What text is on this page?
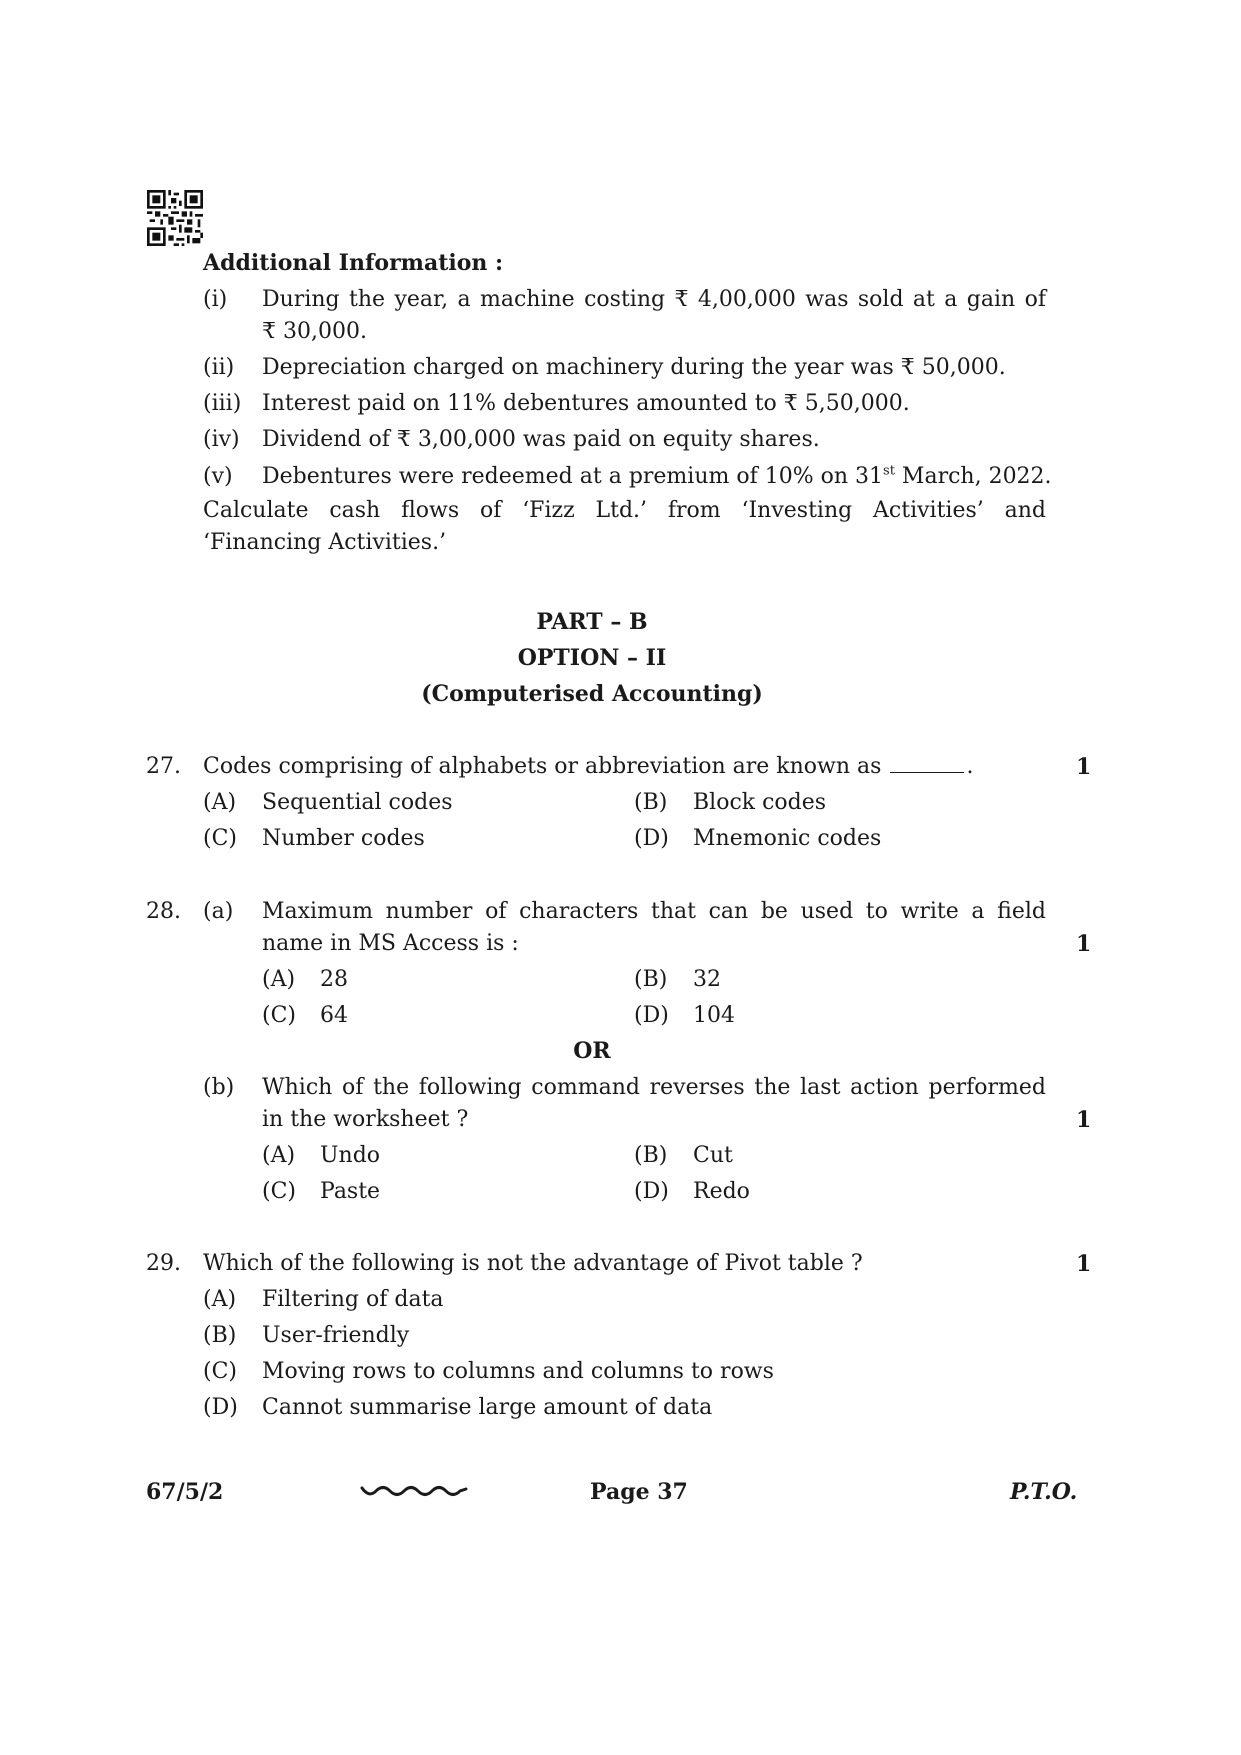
Additional Information :
(i) During the year, a machine costing ₹ 4,00,000 was sold at a gain of
₹ 30,000.
(ii) Depreciation charged on machinery during the year was ₹ 50,000.
(iii) Interest paid on 11% debentures amounted to ₹ 5,50,000.
(iv) Dividend of ₹ 3,00,000 was paid on equity shares.
(v) Debentures were redeemed at a premium of 10% on 31st March, 2022.
Calculate cash flows of ‘Fizz Ltd.’ from ‘Investing Activities’ and
‘Financing Activities.’
PART – B
OPTION – II
(Computerised Accounting)
27. Codes comprising of alphabets or abbreviation are known as	.	1
(A) Sequential codes	(B) Block codes
(C) Number codes	(D) Mnemonic codes
28. (a) Maximum number of characters that can be used to write a field
name in MS Access is :	1
(A) 28	(B) 32
(C) 64	(D) 104
OR
(b) Which of the following command reverses the last action performed
in the worksheet ?	1
(A) Undo	(B) Cut
(C) Paste	(D) Redo
29. Which of the following is not the advantage of Pivot table ?	1
(A) Filtering of data
(B) User-friendly
(C) Moving rows to columns and columns to rows
(D) Cannot summarise large amount of data
67/5/2	Page 37	P.T.O.
